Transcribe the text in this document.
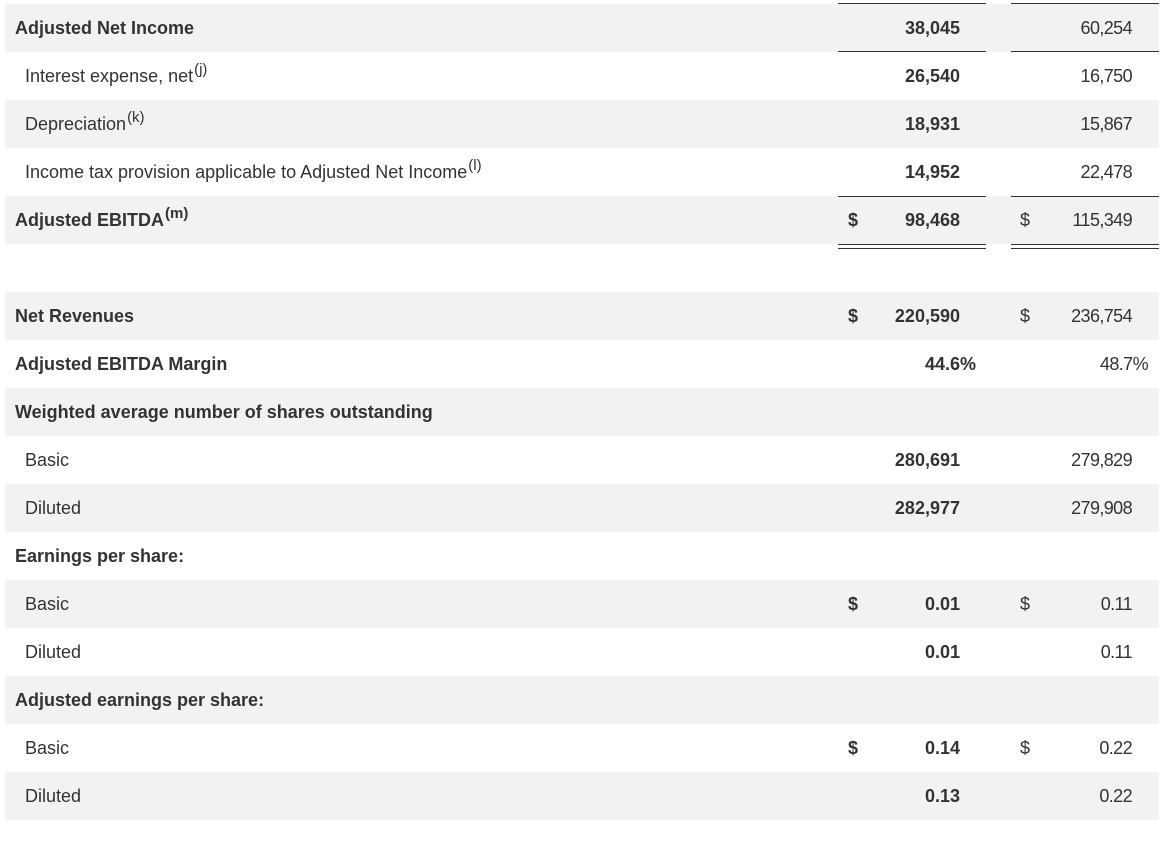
Adjusted Net Income	38,045	60,254
Interest expense, net$^{(j)}$	26,540	16,750
Depreciation$^{(k)}$	18,931	15,867
Income tax provision applicable to Adjusted Net Income$^{(l)}$	14,952	22,478
Adjusted EBITDA$^{(m)}$	$	98,468	$ 115,349
Net Revenues	$ 220,590	$ 236,754
Adjusted EBITDA Margin	44.6%	48.7%
Weighted average number of shares outstanding
Basic	280,691	279,829
Diluted	282,977	279,908
Earnings per share:
Basic	$	0.01	$	0.11
Diluted	0.01	0.11
Adjusted earnings per share:
Basic	$	0.14	$	0.22
Diluted	0.13	0.22
